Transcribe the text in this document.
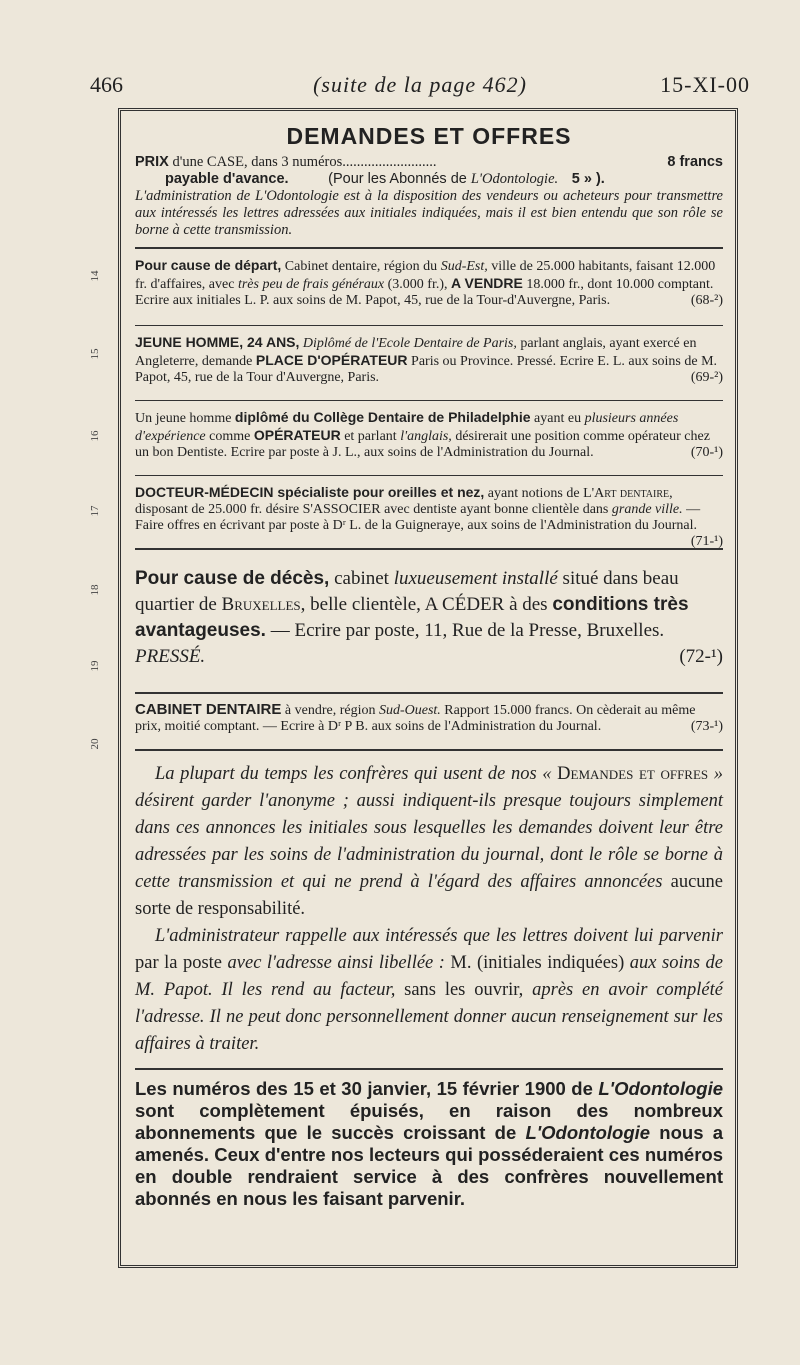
466	(suite de la page 462)	15-XI-00
14
15
16
17
18
19
20
DEMANDES ET OFFRES
PRIX d'une CASE, dans 3 numéros..........................	8 francs
payable d'avance.	(Pour les Abonnés de L'Odontologie. 5 » ).
L'administration de L'Odontologie est à la disposition des vendeurs ou acheteurs pour transmettre aux intéressés les lettres adressées aux initiales indiquées, mais il est bien entendu que son rôle se borne à cette transmission.
Pour cause de départ, Cabinet dentaire, région du Sud-Est, ville de 25.000 habitants, faisant 12.000 fr. d'affaires, avec très peu de frais généraux (3.000 fr.), A VENDRE 18.000 fr., dont 10.000 comptant. Ecrire aux initiales L. P. aux soins de M. Papot, 45, rue de la Tour-d'Auvergne, Paris.	(68-²)
JEUNE HOMME, 24 ANS, Diplômé de l'Ecole Dentaire de Paris, parlant anglais, ayant exercé en Angleterre, demande PLACE D'OPÉRATEUR Paris ou Province. Pressé. Ecrire E. L. aux soins de M. Papot, 45, rue de la Tour d'Auvergne, Paris.	(69-²)
Un jeune homme diplômé du Collège Dentaire de Philadelphie ayant eu plusieurs années d'expérience comme OPÉRATEUR et parlant l'anglais, désirerait une position comme opérateur chez un bon Dentiste. Ecrire par poste à J. L., aux soins de l'Administration du Journal.	(70-¹)
DOCTEUR-MÉDECIN spécialiste pour oreilles et nez, ayant notions de L'Art dentaire, disposant de 25.000 fr. désire S'ASSOCIER avec dentiste ayant bonne clientèle dans grande ville. — Faire offres en écrivant par poste à Dʳ L. de la Guigneraye, aux soins de l'Administration du Journal.
(71-¹)
Pour cause de décès, cabinet luxueusement installé situé dans beau quartier de Bruxelles, belle clientèle, A CÉDER à des conditions très avantageuses. — Ecrire par poste, 11, Rue de la Presse, Bruxelles. PRESSÉ.	(72-¹)
CABINET DENTAIRE à vendre, région Sud-Ouest. Rapport 15.000 francs. On cèderait au même prix, moitié comptant. — Ecrire à Dʳ P B. aux soins de l'Administration du Journal.	(73-¹)
La plupart du temps les confrères qui usent de nos « Demandes et offres » désirent garder l'anonyme ; aussi indiquent-ils presque toujours simplement dans ces annonces les initiales sous lesquelles les demandes doivent leur être adressées par les soins de l'administration du journal, dont le rôle se borne à cette transmission et qui ne prend à l'égard des affaires annoncées aucune sorte de responsabilité.
L'administrateur rappelle aux intéressés que les lettres doivent lui parvenir par la poste avec l'adresse ainsi libellée : M. (initiales indiquées) aux soins de M. Papot. Il les rend au facteur, sans les ouvrir, après en avoir complété l'adresse. Il ne peut donc personnellement donner aucun renseignement sur les affaires à traiter.
Les numéros des 15 et 30 janvier, 15 février 1900 de L'Odontologie sont complètement épuisés, en raison des nombreux abonnements que le succès croissant de L'Odontologie nous a amenés. Ceux d'entre nos lecteurs qui posséderaient ces numéros en double rendraient service à des confrères nouvellement abonnés en nous les faisant parvenir.
